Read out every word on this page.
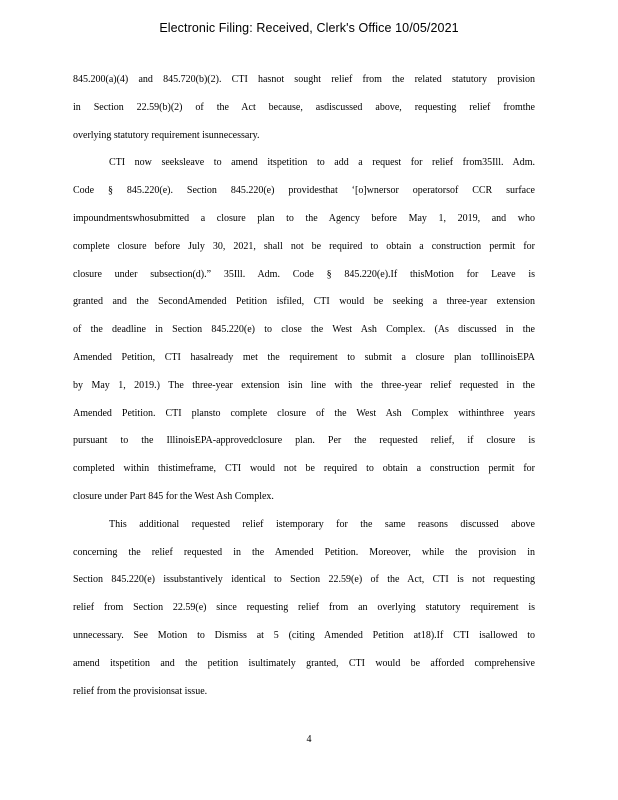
Electronic Filing: Received, Clerk's Office 10/05/2021
845.200(a)(4) and 845.720(b)(2). CTI hasnot sought relief from the related statutory provision
in Section 22.59(b)(2) of the Act because, asdiscussed above, requesting relief fromthe
overlying statutory requirement isunnecessary.
CTI now seeksleave to amend itspetition to add a request for relief from35Ill. Adm.
Code § 845.220(e). Section 845.220(e) providesthat ‘[o]wnersor operatorsof CCR surface
impoundmentswhosubmitted a closure plan to the Agency before May 1, 2019, and who
complete closure before July 30, 2021, shall not be required to obtain a construction permit for
closure under subsection(d).” 35Ill. Adm. Code § 845.220(e).If thisMotion for Leave is
granted and the SecondAmended Petition isfiled, CTI would be seeking a three-year extension
of the deadline in Section 845.220(e) to close the West Ash Complex. (As discussed in the
Amended Petition, CTI hasalready met the requirement to submit a closure plan toIllinoisEPA
by May 1, 2019.) The three-year extension isin line with the three-year relief requested in the
Amended Petition. CTI plansto complete closure of the West Ash Complex withinthree years
pursuant to the IllinoisEPA-approvedclosure plan. Per the requested relief, if closure is
completed within thistimeframe, CTI would not be required to obtain a construction permit for
closure under Part 845 for the West Ash Complex.
This additional requested relief istemporary for the same reasons discussed above
concerning the relief requested in the Amended Petition. Moreover, while the provision in
Section 845.220(e) issubstantively identical to Section 22.59(e) of the Act, CTI is not requesting
relief from Section 22.59(e) since requesting relief from an overlying statutory requirement is
unnecessary. See Motion to Dismiss at 5 (citing Amended Petition at18).If CTI isallowed to
amend itspetition and the petition isultimately granted, CTI would be afforded comprehensive
relief from the provisionsat issue.
4
